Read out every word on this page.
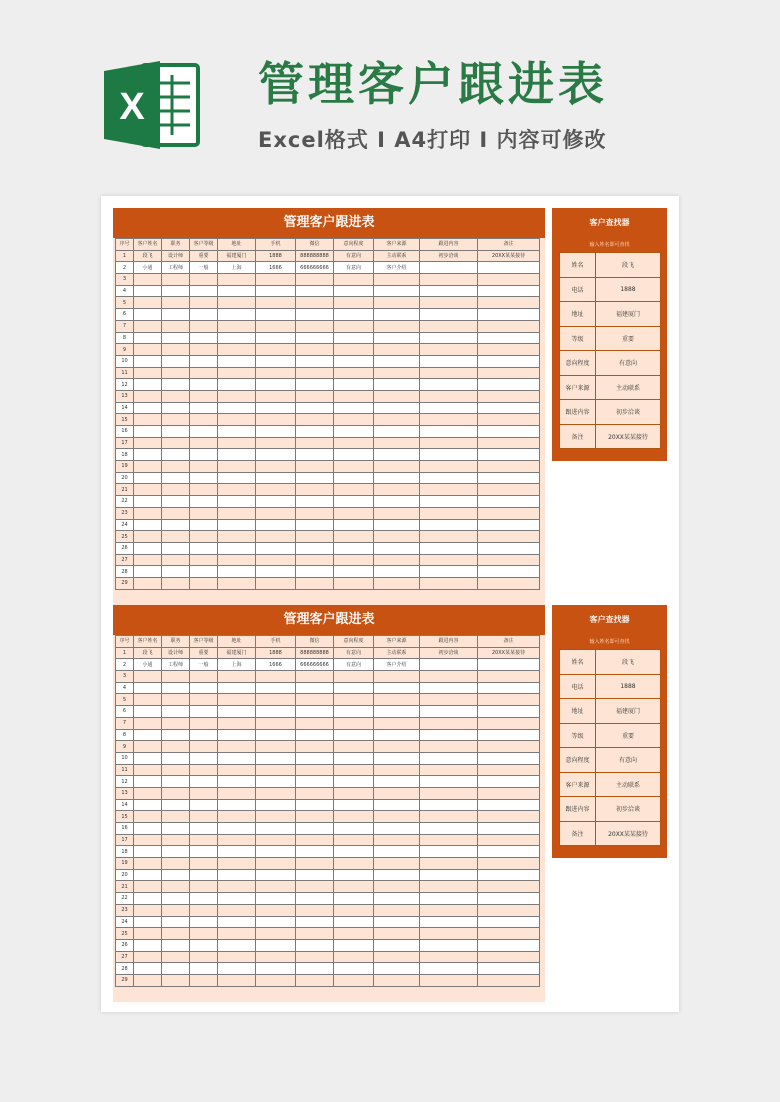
X 管理客户跟进表
Excel格式 I A4打印 I 内容可修改
管理客户跟进表
序号	客户姓名	职务	客户等级	地址	手机	微信	意向程度	客户来源	跟进内容	备注
1	段飞	设计师	重要	福建厦门	1888	888888888	有意向	主动联系	初步洽谈	20XX某某接待
2	小通	工程师	一般	上海	1666	666666666	有意向	客户介绍		
3										
4										
5										
6										
7										
8										
9										
10										
11										
12										
13										
14										
15										
16										
17										
18										
19										
20										
21										
22										
23										
24										
25										
26										
27										
28										
29										
客户查找器
输入姓名即可查找
姓名	段飞
电话	1888
地址	福建厦门
等级	重要
意向程度	有意向
客户来源	主动联系
跟进内容	初步洽谈
备注	20XX某某接待
管理客户跟进表
序号	客户姓名	职务	客户等级	地址	手机	微信	意向程度	客户来源	跟进内容	备注
1	段飞	设计师	重要	福建厦门	1888	888888888	有意向	主动联系	初步洽谈	20XX某某接待
2	小通	工程师	一般	上海	1666	666666666	有意向	客户介绍		
3										
4										
5										
6										
7										
8										
9										
10										
11										
12										
13										
14										
15										
16										
17										
18										
19										
20										
21										
22										
23										
24										
25										
26										
27										
28										
29										
客户查找器
输入姓名即可查找
姓名	段飞
电话	1888
地址	福建厦门
等级	重要
意向程度	有意向
客户来源	主动联系
跟进内容	初步洽谈
备注	20XX某某接待
